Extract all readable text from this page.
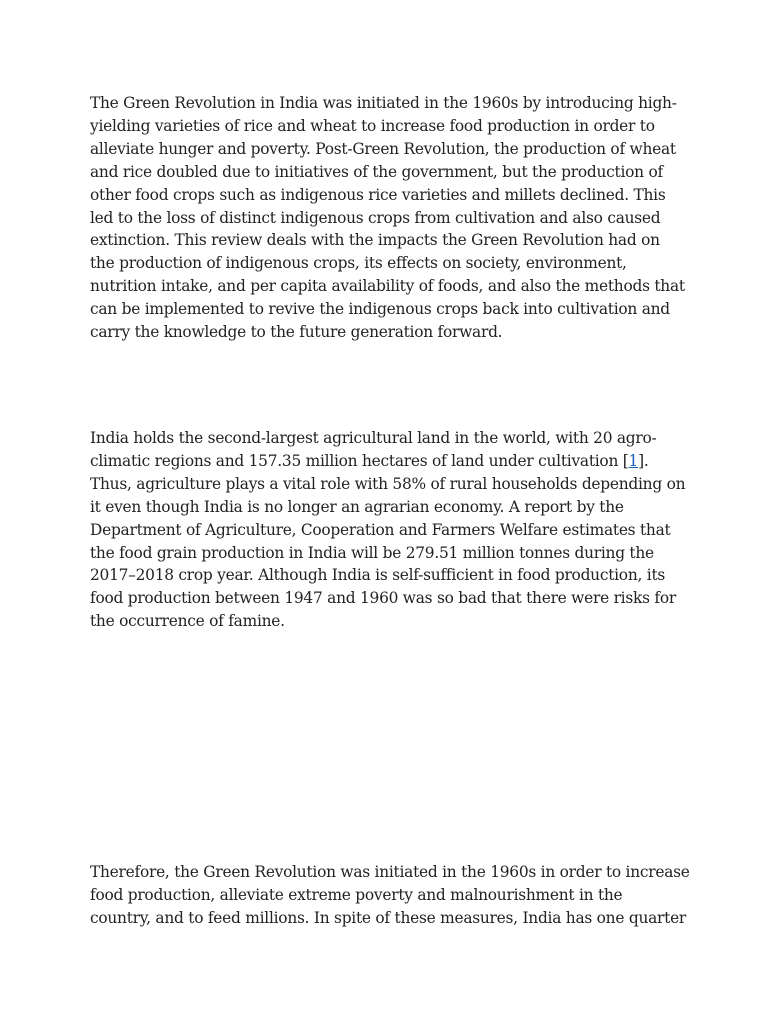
The Green Revolution in India was initiated in the 1960s by introducing high-
yielding varieties of rice and wheat to increase food production in order to
alleviate hunger and poverty. Post-Green Revolution, the production of wheat
and rice doubled due to initiatives of the government, but the production of
other food crops such as indigenous rice varieties and millets declined. This
led to the loss of distinct indigenous crops from cultivation and also caused
extinction. This review deals with the impacts the Green Revolution had on
the production of indigenous crops, its effects on society, environment,
nutrition intake, and per capita availability of foods, and also the methods that
can be implemented to revive the indigenous crops back into cultivation and
carry the knowledge to the future generation forward.

India holds the second-largest agricultural land in the world, with 20 agro-
climatic regions and 157.35 million hectares of land under cultivation [1].
Thus, agriculture plays a vital role with 58% of rural households depending on
it even though India is no longer an agrarian economy. A report by the
Department of Agriculture, Cooperation and Farmers Welfare estimates that
the food grain production in India will be 279.51 million tonnes during the
2017–2018 crop year. Although India is self-sufficient in food production, its
food production between 1947 and 1960 was so bad that there were risks for
the occurrence of famine.

Therefore, the Green Revolution was initiated in the 1960s in order to increase
food production, alleviate extreme poverty and malnourishment in the
country, and to feed millions. In spite of these measures, India has one quarter
